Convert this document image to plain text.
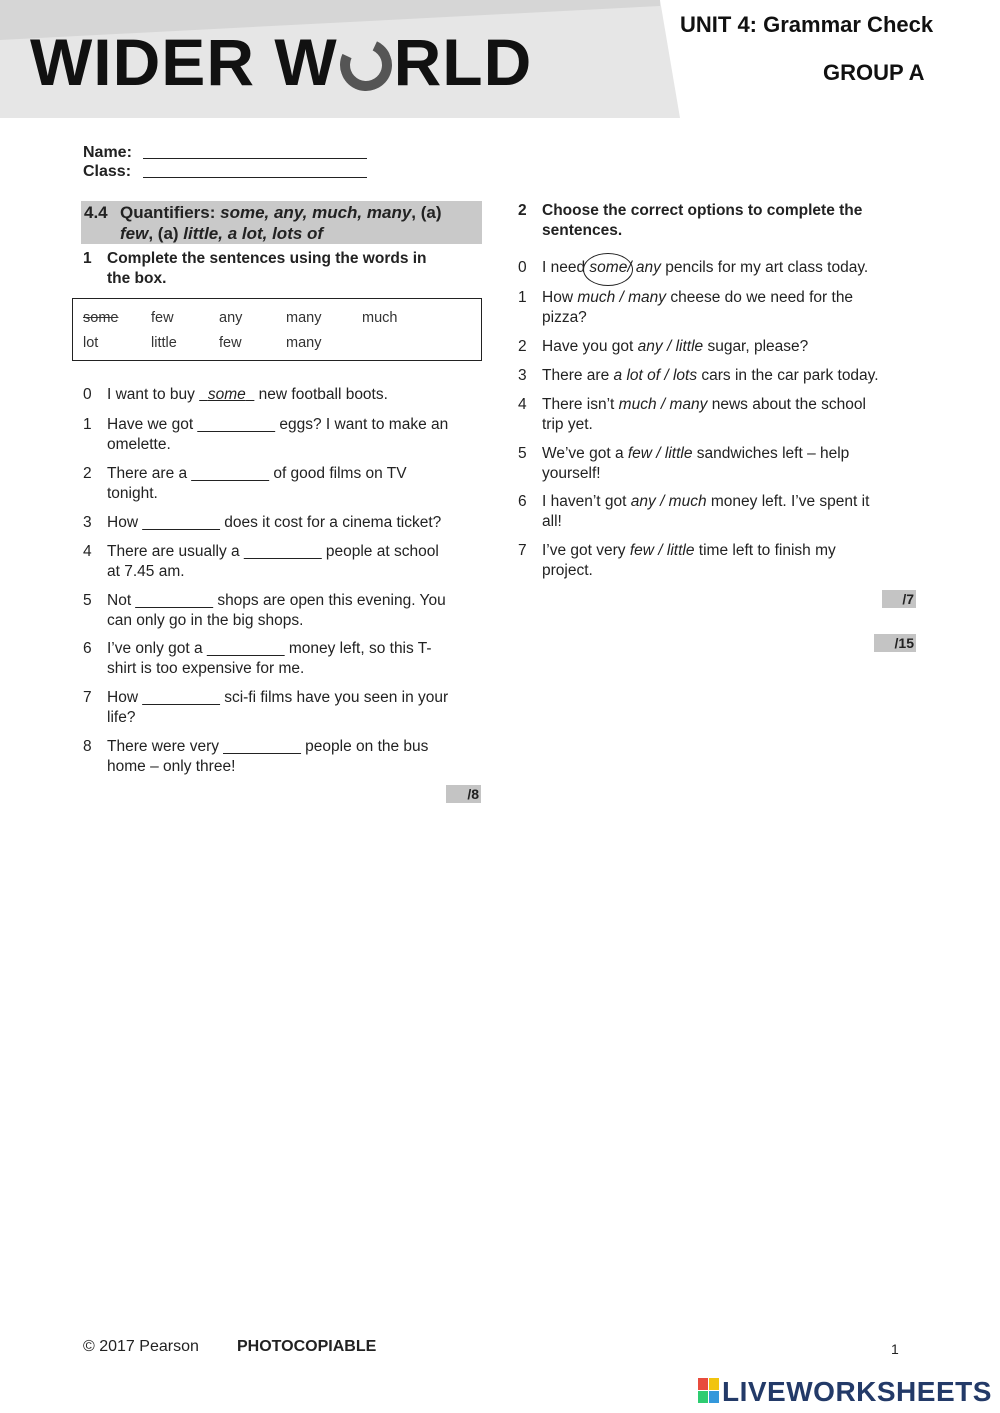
WIDER W RLD
UNIT 4: Grammar Check
GROUP A
Name:
Class:
4.4 Quantifiers: some, any, much, many, (a)
few, (a) little, a lot, lots of
1 Complete the sentences using the words in
the box.
some few	any	many	much
lot	little	few	many
0 I want to buy   some   new football boots.
1 Have we got _________ eggs? I want to make an
omelette.
2 There are a _________ of good films on TV
tonight.
3 How _________ does it cost for a cinema ticket?
4 There are usually a _________ people at school
at 7.45 am.
5 Not _________ shops are open this evening. You
can only go in the big shops.
6 I’ve only got a _________ money left, so this T-
shirt is too expensive for me.
7 How _________ sci-fi films have you seen in your
life?
8 There were very _________ people on the bus
home – only three!
/8
2 Choose the correct options to complete the
sentences.
0 I need some/ any pencils for my art class today.
1 How much / many cheese do we need for the
pizza?
2 Have you got any / little sugar, please?
3 There are a lot of / lots cars in the car park today.
4 There isn’t much / many news about the school
trip yet.
5 We’ve got a few / little sandwiches left – help
yourself!
6 I haven’t got any / much money left. I’ve spent it
all!
7 I’ve got very few / little time left to finish my
project.
/7
/15
© 2017 Pearson PHOTOCOPIABLE	1
LIVEWORKSHEETS
